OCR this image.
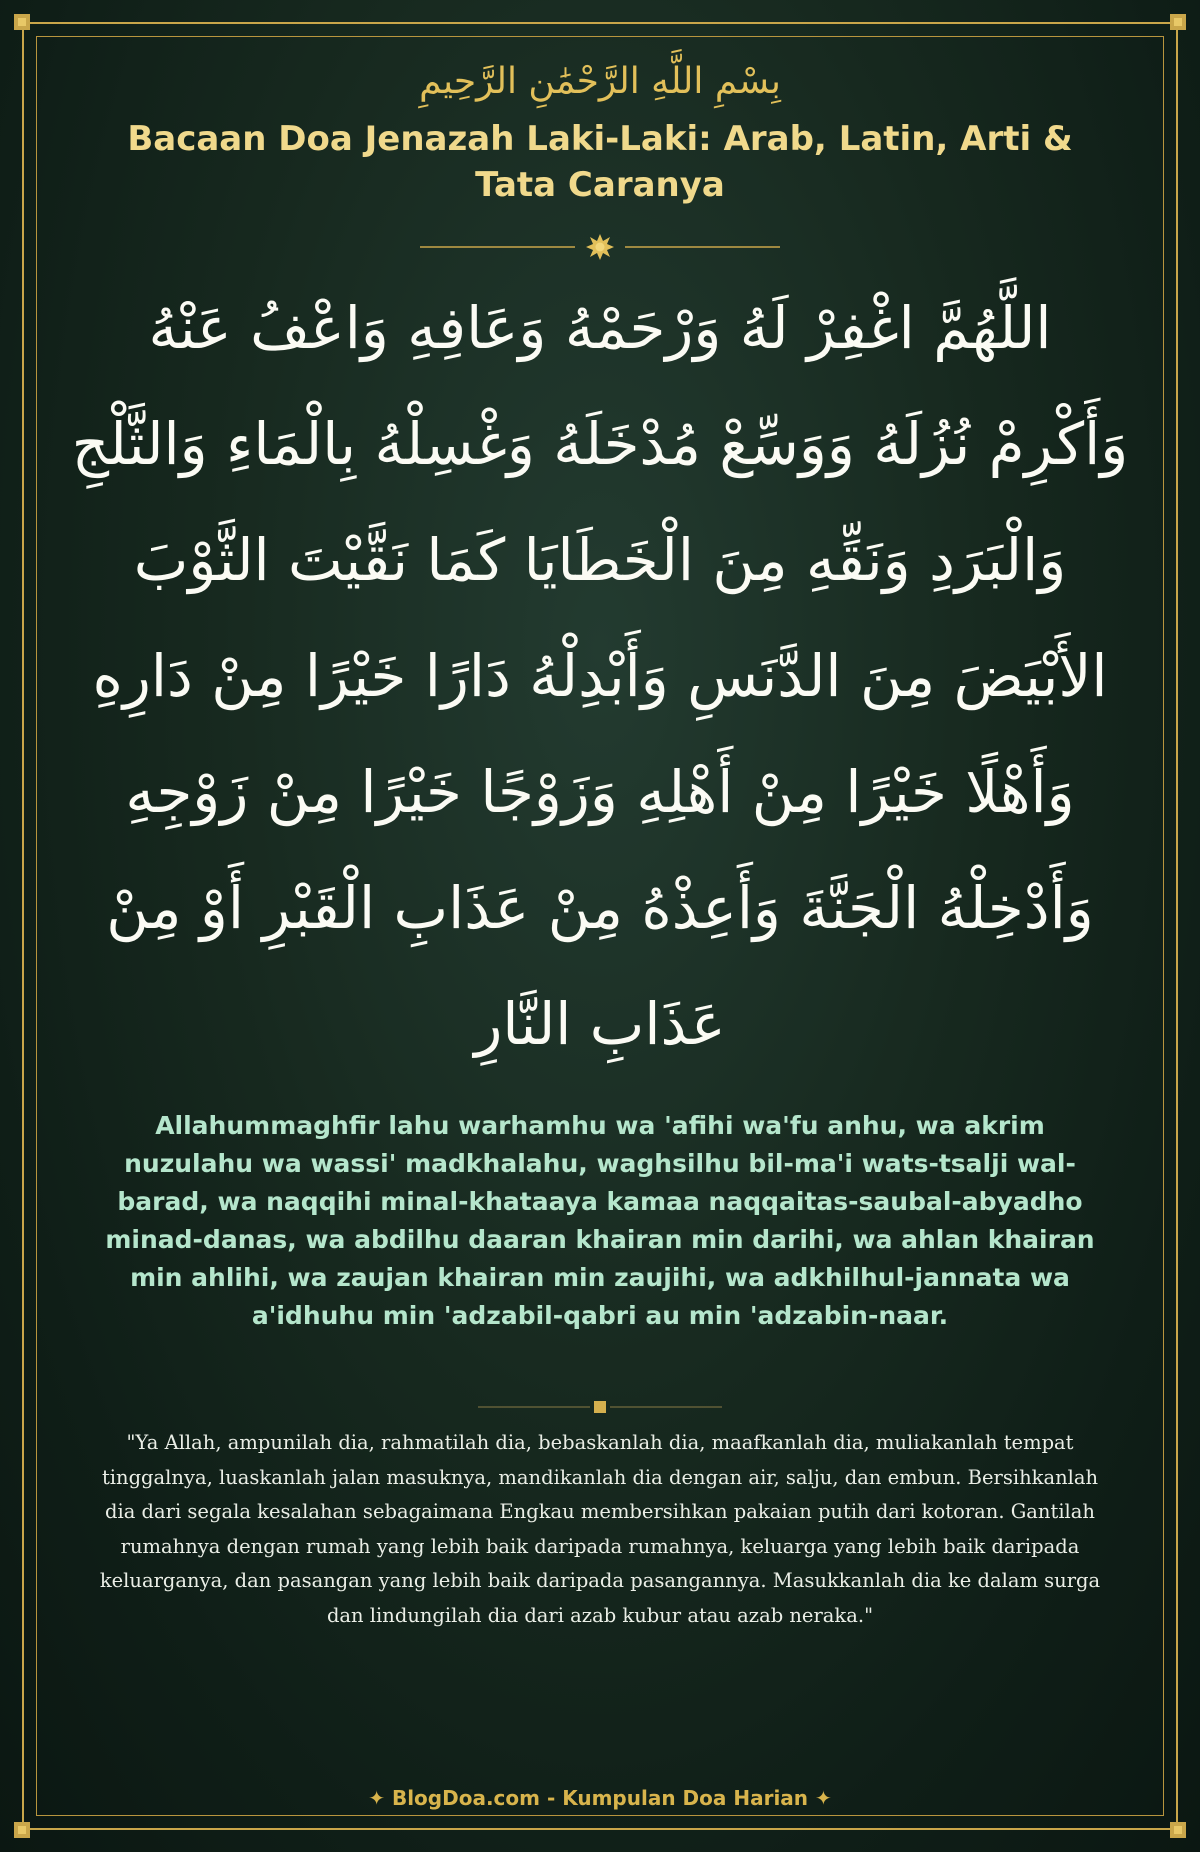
بِسْمِ اللَّهِ الرَّحْمَٰنِ الرَّحِيمِ
Bacaan Doa Jenazah Laki-Laki: Arab, Latin, Arti & Tata Caranya
اللَّهُمَّ اغْفِرْ لَهُ وَرْحَمْهُ وَعَافِهِ وَاعْفُ عَنْهُ وَأَكْرِمْ نُزُلَهُ وَوَسِّعْ مُدْخَلَهُ وَغْسِلْهُ بِالْمَاءِ وَالثَّلْجِ وَالْبَرَدِ وَنَقِّهِ مِنَ الْخَطَايَا كَمَا نَقَّيْتَ الثَّوْبَ الأَبْيَضَ مِنَ الدَّنَسِ وَأَبْدِلْهُ دَارًا خَيْرًا مِنْ دَارِهِ وَأَهْلًا خَيْرًا مِنْ أَهْلِهِ وَزَوْجًا خَيْرًا مِنْ زَوْجِهِ وَأَدْخِلْهُ الْجَنَّةَ وَأَعِذْهُ مِنْ عَذَابِ الْقَبْرِ أَوْ مِنْ عَذَابِ النَّارِ
Allahummaghfir lahu warhamhu wa 'afihi wa'fu anhu, wa akrim nuzulahu wa wassi' madkhalahu, waghsilhu bil-ma'i wats-tsalji wal-barad, wa naqqihi minal-khataaya kamaa naqqaitas-saubal-abyadho minad-danas, wa abdilhu daaran khairan min darihi, wa ahlan khairan min ahlihi, wa zaujan khairan min zaujihi, wa adkhilhul-jannata wa a'idhuhu min 'adzabil-qabri au min 'adzabin-naar.
"Ya Allah, ampunilah dia, rahmatilah dia, bebaskanlah dia, maafkanlah dia, muliakanlah tempat tinggalnya, luaskanlah jalan masuknya, mandikanlah dia dengan air, salju, dan embun. Bersihkanlah dia dari segala kesalahan sebagaimana Engkau membersihkan pakaian putih dari kotoran. Gantilah rumahnya dengan rumah yang lebih baik daripada rumahnya, keluarga yang lebih baik daripada keluarganya, dan pasangan yang lebih baik daripada pasangannya. Masukkanlah dia ke dalam surga dan lindungilah dia dari azab kubur atau azab neraka."
✦ BlogDoa.com - Kumpulan Doa Harian ✦
